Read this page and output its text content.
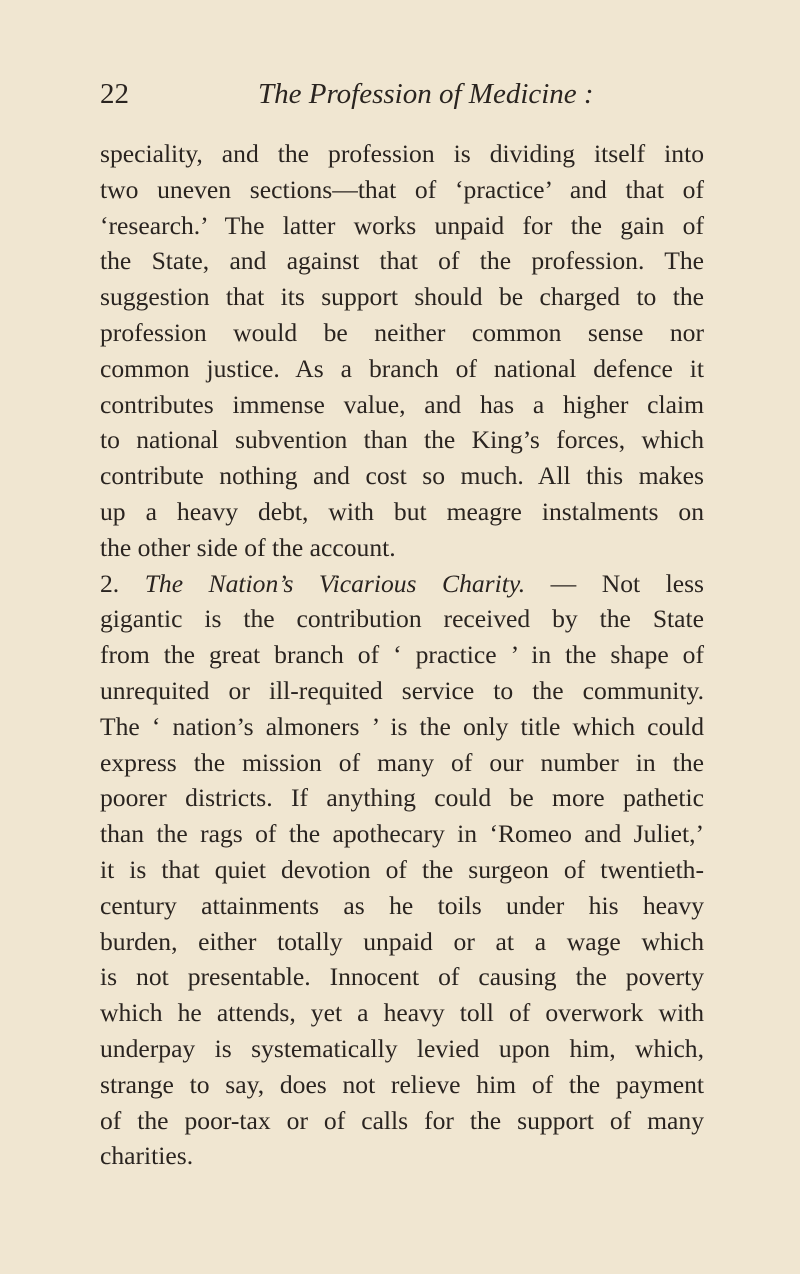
22	The Profession of Medicine :
speciality, and the profession is dividing itself into
two uneven sections—that of ‘practice’ and that of
‘research.’ The latter works unpaid for the gain of
the State, and against that of the profession. The
suggestion that its support should be charged to the
profession would be neither common sense nor
common justice. As a branch of national defence it
contributes immense value, and has a higher claim
to national subvention than the King’s forces, which
contribute nothing and cost so much. All this makes
up a heavy debt, with but meagre instalments on
the other side of the account.
2. The Nation’s Vicarious Charity. — Not less
gigantic is the contribution received by the State
from the great branch of ‘ practice ’ in the shape of
unrequited or ill-requited service to the community.
The ‘ nation’s almoners ’ is the only title which could
express the mission of many of our number in the
poorer districts. If anything could be more pathetic
than the rags of the apothecary in ‘Romeo and Juliet,’
it is that quiet devotion of the surgeon of twentieth-
century attainments as he toils under his heavy
burden, either totally unpaid or at a wage which
is not presentable. Innocent of causing the poverty
which he attends, yet a heavy toll of overwork with
underpay is systematically levied upon him, which,
strange to say, does not relieve him of the payment
of the poor-tax or of calls for the support of many
charities.
